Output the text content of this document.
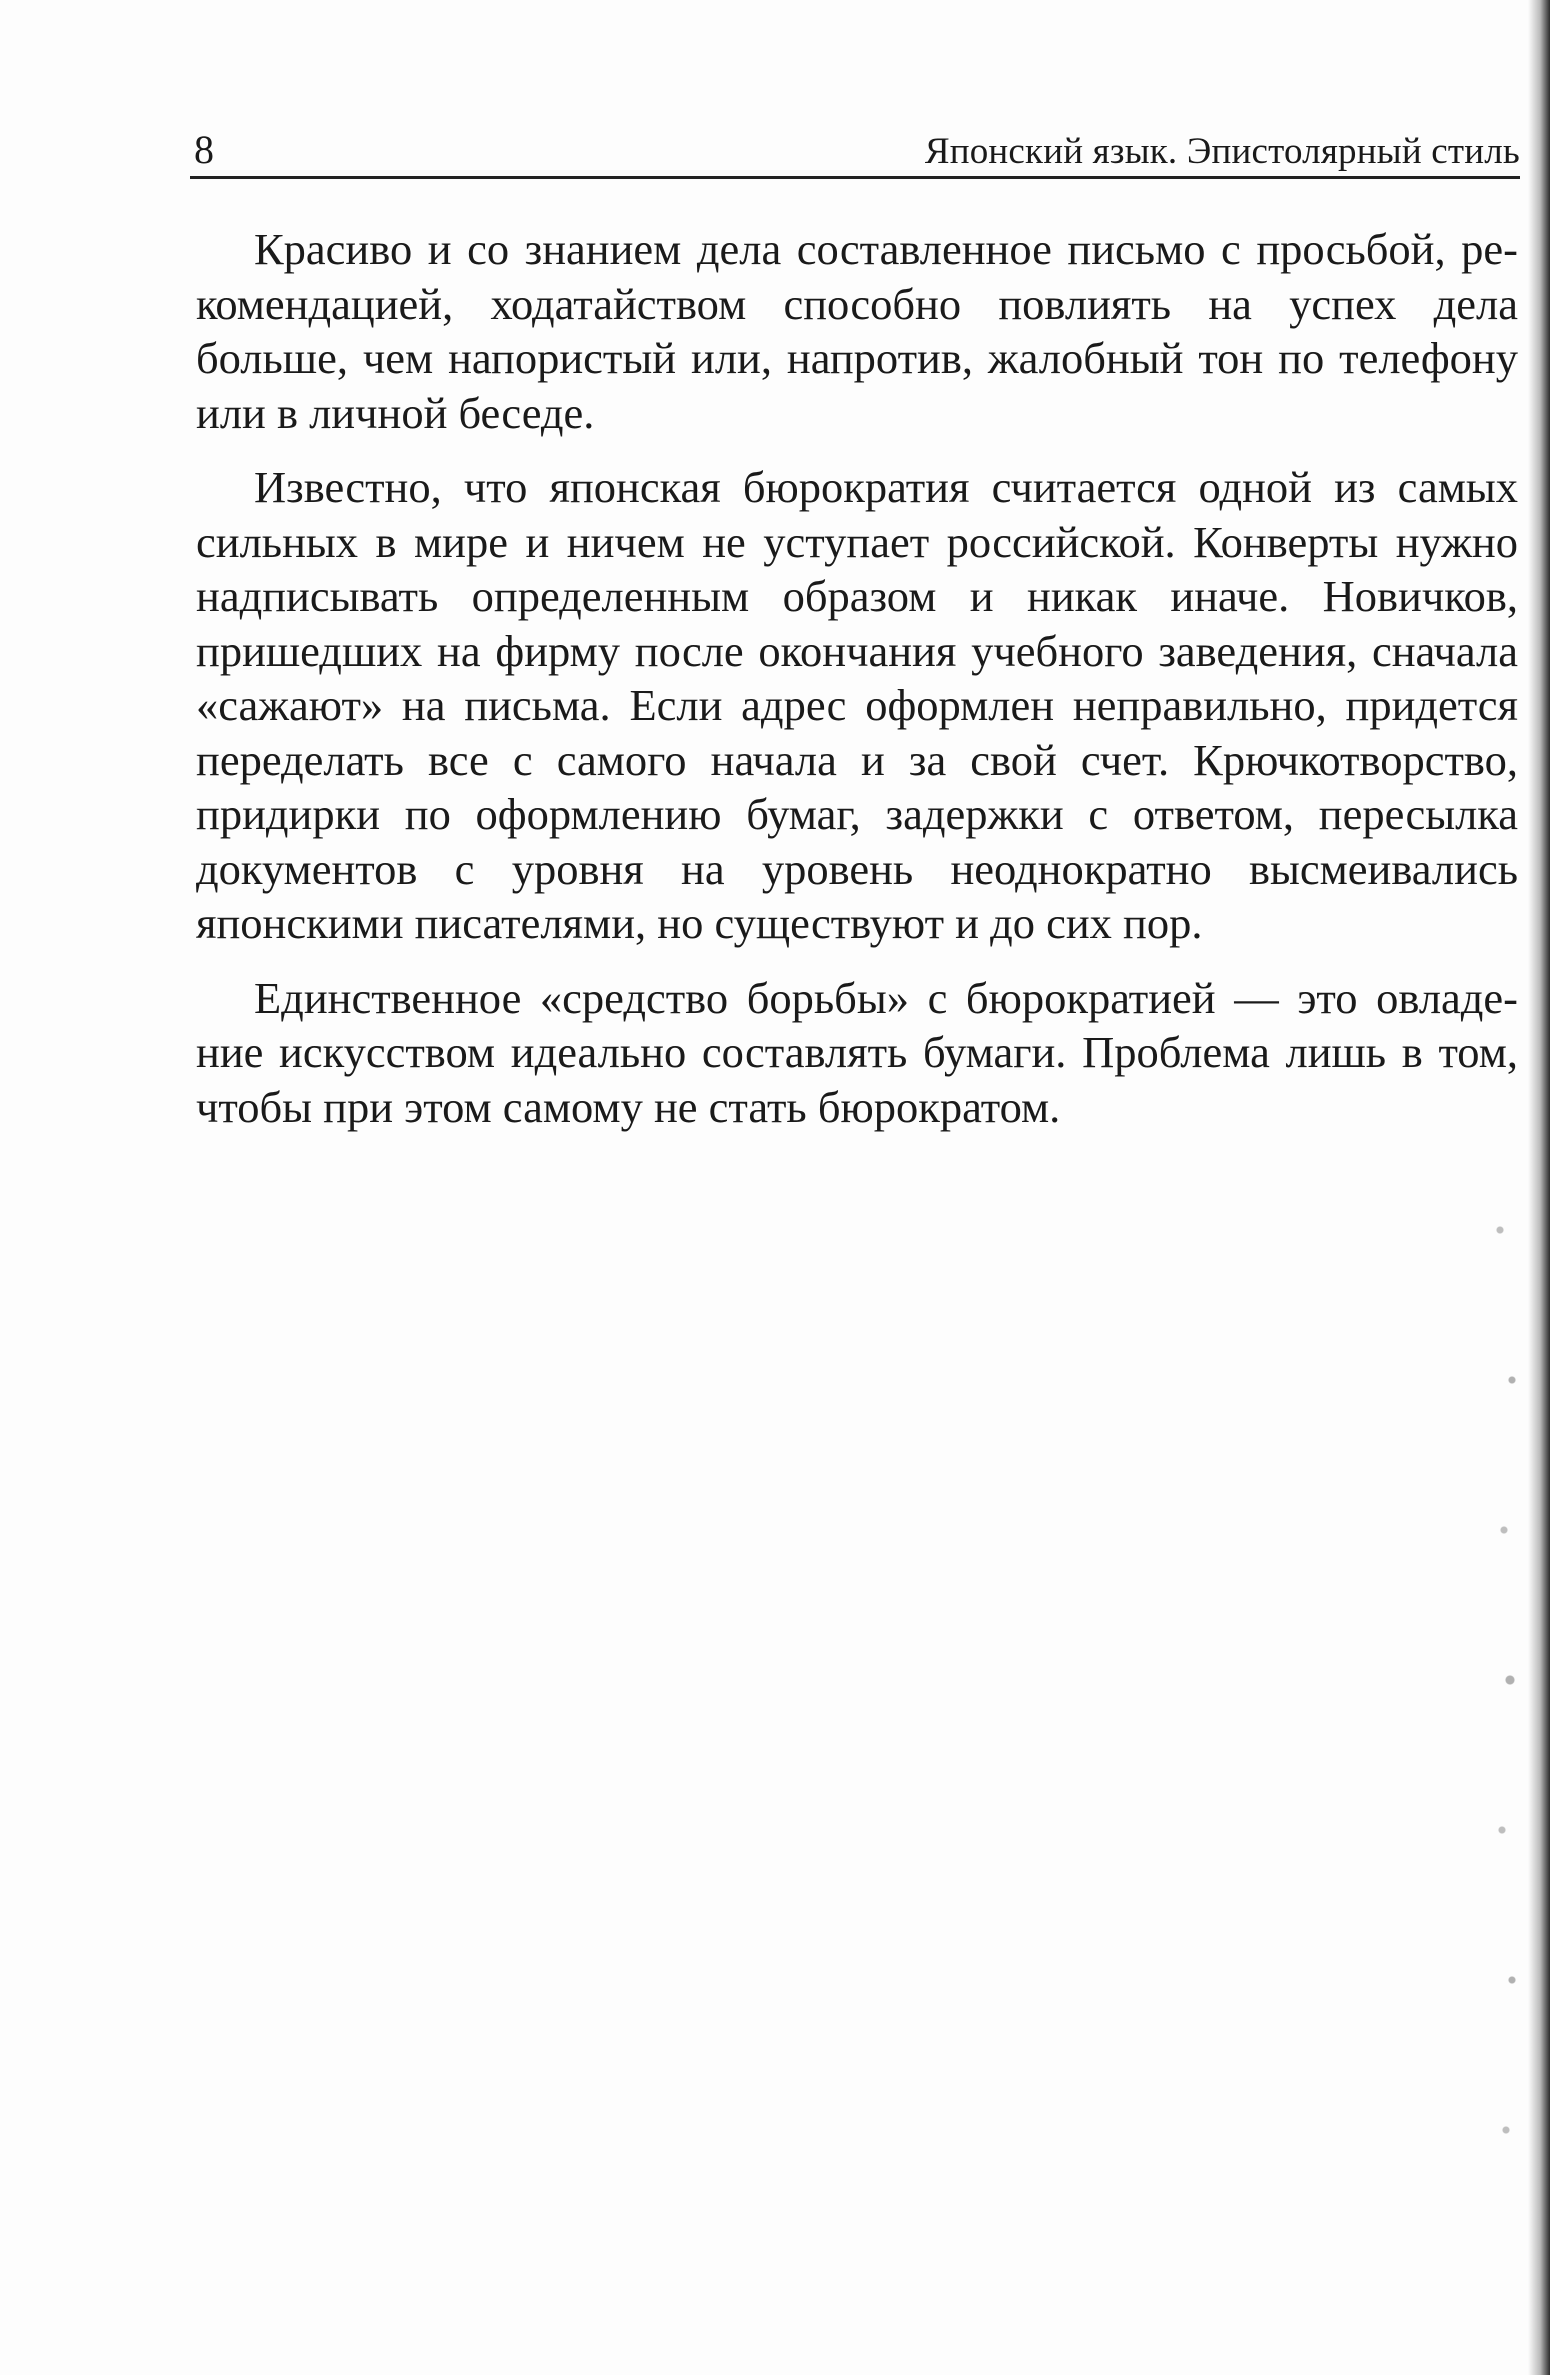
8	Японский язык. Эпистолярный стиль

Красиво и со знанием дела составленное письмо с просьбой, рекомендацией, ходатайством способно повлиять на успех дела больше, чем напористый или, напротив, жалобный тон по телефону или в личной беседе.

Известно, что японская бюрократия считается одной из самых сильных в мире и ничем не уступает российской. Конверты нужно надписывать определенным образом и никак иначе. Новичков, пришедших на фирму после окончания учебного заведения, сначала «сажают» на письма. Если адрес оформлен неправильно, придется переделать все с самого начала и за свой счет. Крючкотворство, придирки по оформлению бумаг, задержки с ответом, пересылка документов с уровня на уровень неоднократно высмеивались японскими писателями, но существуют и до сих пор.

Единственное «средство борьбы» с бюрократией — это овладение искусством идеально составлять бумаги. Проблема лишь в том, чтобы при этом самому не стать бюрократом.
